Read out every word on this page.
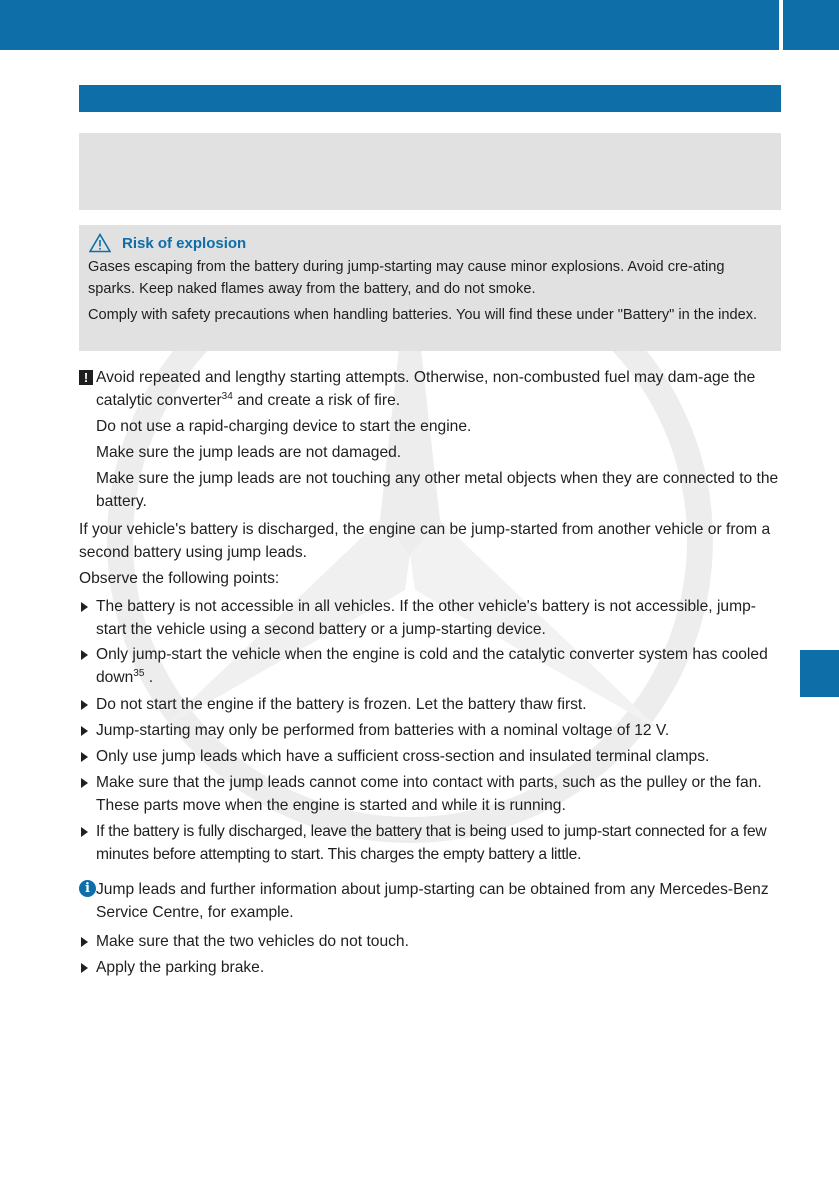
Risk of explosion

Gases escaping from the battery during jump-starting may cause minor explosions. Avoid cre-ating sparks. Keep naked flames away from the battery, and do not smoke.

Comply with safety precautions when handling batteries. You will find these under "Battery" in the index.

! Avoid repeated and lengthy starting attempts. Otherwise, non-combusted fuel may dam-age the catalytic converter$^{34}$ and create a risk of fire.
Do not use a rapid-charging device to start the engine.
Make sure the jump leads are not damaged.
Make sure the jump leads are not touching any other metal objects when they are connected to the battery.
If your vehicle's battery is discharged, the engine can be jump-started from another vehicle or from a second battery using jump leads.
Observe the following points:
The battery is not accessible in all vehicles. If the other vehicle's battery is not accessible, jump-start the vehicle using a second battery or a jump-starting device.
Only jump-start the vehicle when the engine is cold and the catalytic converter system has cooled down$^{35}$ .
Do not start the engine if the battery is frozen. Let the battery thaw first.
Jump-starting may only be performed from batteries with a nominal voltage of 12 V.
Only use jump leads which have a sufficient cross-section and insulated terminal clamps.
Make sure that the jump leads cannot come into contact with parts, such as the pulley or the fan. These parts move when the engine is started and while it is running.
If the battery is fully discharged, leave the battery that is being used to jump-start connected for a few minutes before attempting to start. This charges the empty battery a little.
i Jump leads and further information about jump-starting can be obtained from any Mercedes-Benz Service Centre, for example.
Make sure that the two vehicles do not touch.
Apply the parking brake.
